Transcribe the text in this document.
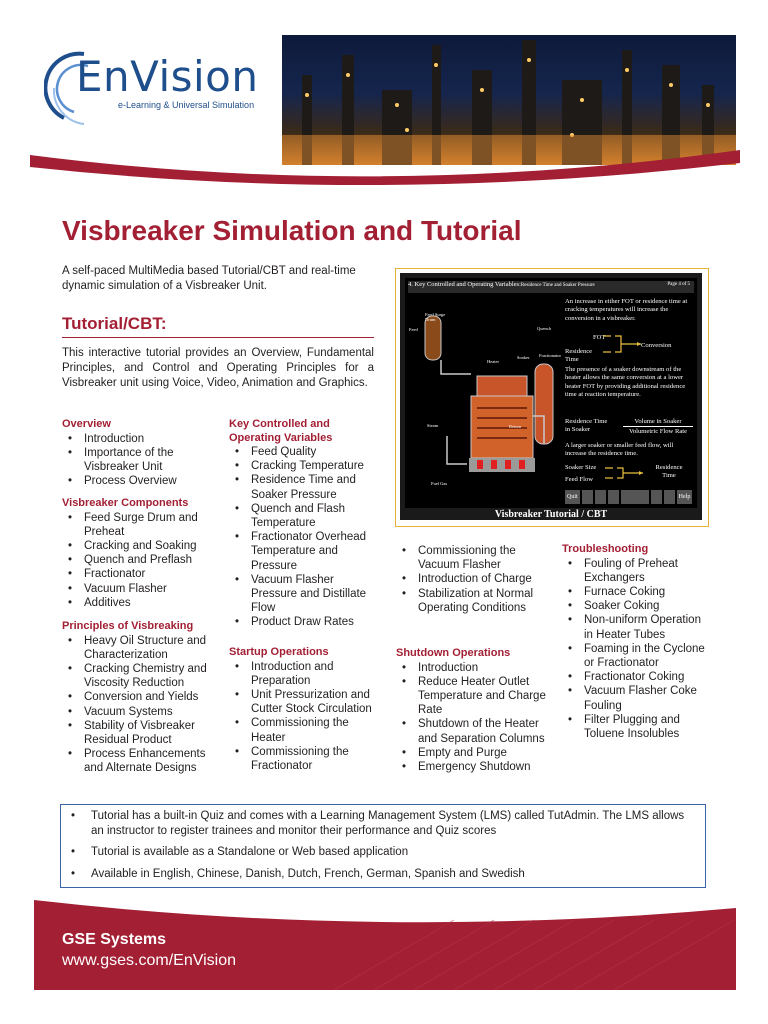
EnVision
e-Learning & Universal Simulation
Visbreaker Simulation and Tutorial
A self-paced MultiMedia based Tutorial/CBT and real-time dynamic simulation of a Visbreaker Unit.
Tutorial/CBT:
This interactive tutorial provides an Overview, Fundamental Principles, and Control and Operating Principles for a Visbreaker unit using Voice, Video, Animation and Graphics.
Overview
• Introduction
• Importance of the Visbreaker Unit
• Process Overview
Visbreaker Components
• Feed Surge Drum and Preheat
• Cracking and Soaking
• Quench and Preflash
• Fractionator
• Vacuum Flasher
• Additives
Principles of Visbreaking
• Heavy Oil Structure and Characterization
• Cracking Chemistry and Viscosity Reduction
• Conversion and Yields
• Vacuum Systems
• Stability of Visbreaker Residual Product
• Process Enhancements and Alternate Designs
Key Controlled and Operating Variables
• Feed Quality
• Cracking Temperature
• Residence Time and Soaker Pressure
• Quench and Flash Temperature
• Fractionator Overhead Temperature and Pressure
• Vacuum Flasher Pressure and Distillate Flow
• Product Draw Rates
Startup Operations
• Introduction and Preparation
• Unit Pressurization and Cutter Stock Circulation
• Commissioning the Heater
• Commissioning the Fractionator
• Commissioning the Vacuum Flasher
• Introduction of Charge
• Stabilization at Normal Operating Conditions
Shutdown Operations
• Introduction
• Reduce Heater Outlet Temperature and Charge Rate
• Shutdown of the Heater and Separation Columns
• Empty and Purge
• Emergency Shutdown
Troubleshooting
• Fouling of Preheat Exchangers
• Furnace Coking
• Soaker Coking
• Non-uniform Operation in Heater Tubes
• Foaming in the Cyclone or Fractionator
• Fractionator Coking
• Vacuum Flasher Coke Fouling
• Filter Plugging and Toluene Insolubles
4. Key Controlled and Operating Variables:Residence Time and Soaker Pressure	Page 4 of 5
Feed Surge Drum
Feed
Heater
Soaker
Quench
Fractionator
Fuel Gas
Steam	Return
An increase in either FOT or residence time at cracking temperatures will increase the conversion in a visbreaker.
FOT
Residence Time
Conversion
The presence of a soaker downstream of the heater allows the same conversion at a lower heater FOT by providing additional residence time at reaction temperature.
Residence Time in Soaker
Volume in Soaker
Volumetric Flow Rate
A larger soaker or smaller feed flow, will increase the residence time.
Soaker Size
Feed Flow
Residence Time
Quit	Help
Visbreaker Tutorial / CBT
• Tutorial has a built-in Quiz and comes with a Learning Management System (LMS) called TutAdmin. The LMS allows an instructor to register trainees and monitor their performance and Quiz scores
• Tutorial is available as a Standalone or Web based application
• Available in English, Chinese, Danish, Dutch, French, German, Spanish and Swedish
GSE Systems
www.gses.com/EnVision
